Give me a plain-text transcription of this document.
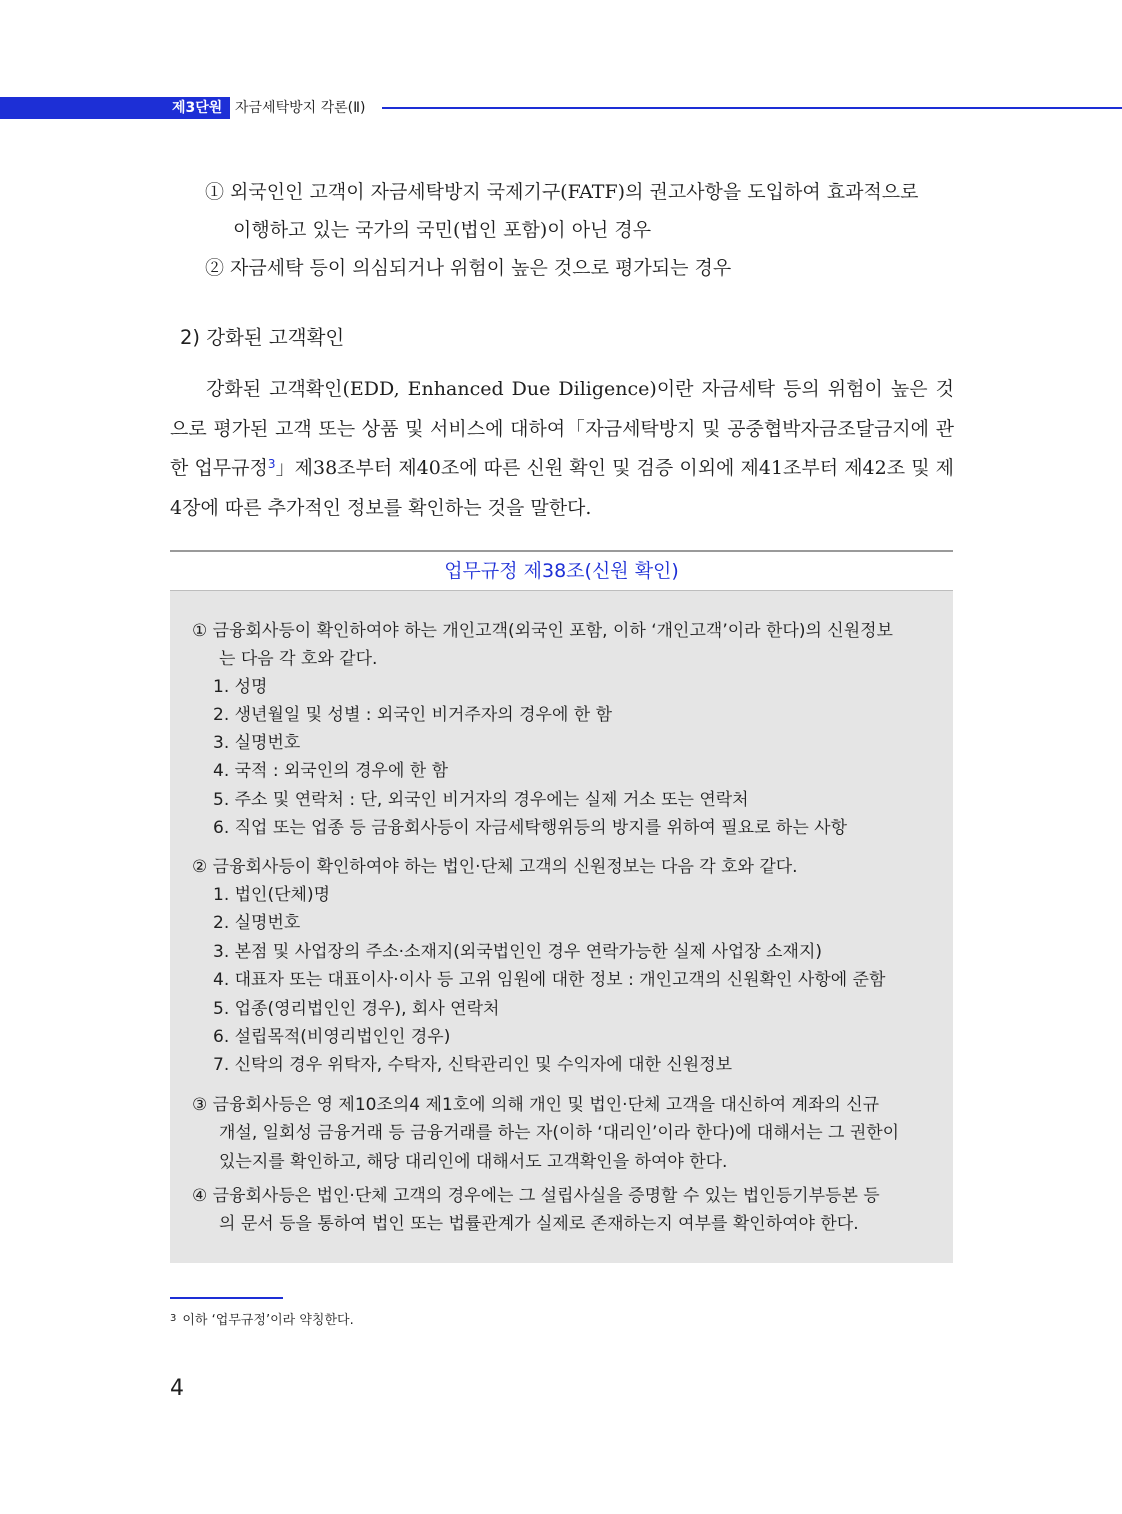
제3단원 자금세탁방지 각론(Ⅱ)
① 외국인인 고객이 자금세탁방지 국제기구(FATF)의 권고사항을 도입하여 효과적으로
이행하고 있는 국가의 국민(법인 포함)이 아닌 경우
② 자금세탁 등이 의심되거나 위험이 높은 것으로 평가되는 경우
2) 강화된 고객확인
강화된 고객확인(EDD, Enhanced Due Diligence)이란 자금세탁 등의 위험이 높은 것으로 평가된 고객 또는 상품 및 서비스에 대하여「자금세탁방지 및 공중협박자금조달금지에 관한 업무규정$^3$」제38조부터 제40조에 따른 신원 확인 및 검증 이외에 제41조부터 제42조 및 제4장에 따른 추가적인 정보를 확인하는 것을 말한다.
업무규정 제38조(신원 확인)
① 금융회사등이 확인하여야 하는 개인고객(외국인 포함, 이하 ‘개인고객’이라 한다)의 신원정보
는 다음 각 호와 같다.
1. 성명
2. 생년월일 및 성별 : 외국인 비거주자의 경우에 한 함
3. 실명번호
4. 국적 : 외국인의 경우에 한 함
5. 주소 및 연락처 : 단, 외국인 비거자의 경우에는 실제 거소 또는 연락처
6. 직업 또는 업종 등 금융회사등이 자금세탁행위등의 방지를 위하여 필요로 하는 사항
② 금융회사등이 확인하여야 하는 법인·단체 고객의 신원정보는 다음 각 호와 같다.
1. 법인(단체)명
2. 실명번호
3. 본점 및 사업장의 주소·소재지(외국법인인 경우 연락가능한 실제 사업장 소재지)
4. 대표자 또는 대표이사·이사 등 고위 임원에 대한 정보 : 개인고객의 신원확인 사항에 준함
5. 업종(영리법인인 경우), 회사 연락처
6. 설립목적(비영리법인인 경우)
7. 신탁의 경우 위탁자, 수탁자, 신탁관리인 및 수익자에 대한 신원정보
③ 금융회사등은 영 제10조의4 제1호에 의해 개인 및 법인·단체 고객을 대신하여 계좌의 신규
개설, 일회성 금융거래 등 금융거래를 하는 자(이하 ‘대리인’이라 한다)에 대해서는 그 권한이
있는지를 확인하고, 해당 대리인에 대해서도 고객확인을 하여야 한다.
④ 금융회사등은 법인·단체 고객의 경우에는 그 설립사실을 증명할 수 있는 법인등기부등본 등
의 문서 등을 통하여 법인 또는 법률관계가 실제로 존재하는지 여부를 확인하여야 한다.
$^3$ 이하 ‘업무규정’이라 약칭한다.
4
